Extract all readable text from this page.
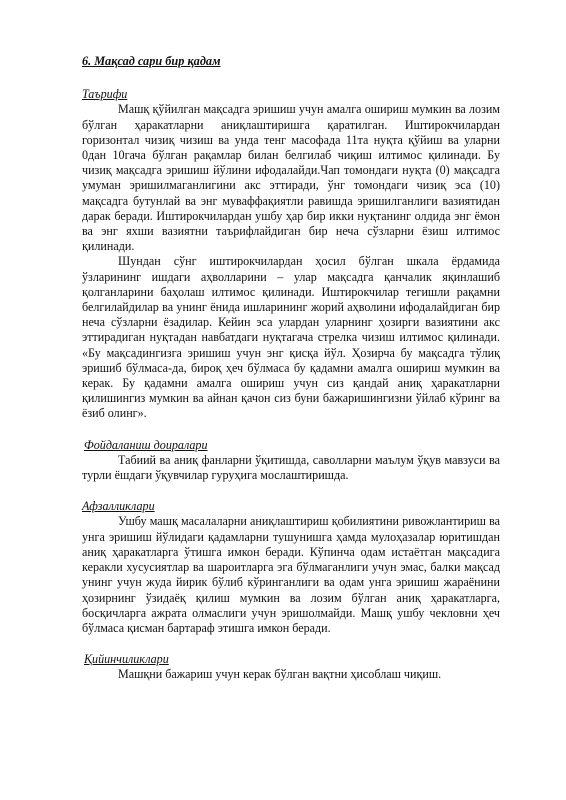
6. Мақсад сари бир қадам

Таърифи

Машқ қўйилган мақсадга эришиш учун амалга ошириш мумкин ва лозим бўлган ҳаракатларни аниқлаштиришга қаратилган. Иштирокчилардан горизонтал чизиқ чизиш ва унда тенг масофада 11та нуқта қўйиш ва уларни 0дан 10гача бўлган рақамлар билан белгилаб чиқиш илтимос қилинади. Бу чизиқ мақсадга эришиш йўлини ифодалайди.Чап томондаги нуқта (0) мақсадга умуман эришилмаганлигини акс эттиради, ўнг томондаги чизиқ эса (10) мақсадга бутунлай ва энг муваффақиятли равишда эришилганлиги вазиятидан дарак беради. Иштирокчилардан ушбу ҳар бир икки нуқтанинг олдида энг ёмон ва энг яхши вазиятни таърифлайдиган бир неча сўзларни ёзиш илтимос қилинади.

Шундан сўнг иштирокчилардан ҳосил бўлган шкала ёрдамида ўзларининг ишдаги аҳволларини – улар мақсадга қанчалик яқинлашиб қолганларини баҳолаш илтимос қилинади. Иштирокчилар тегишли рақамни белгилайдилар ва унинг ёнида ишларининг жорий аҳволини ифодалайдиган бир неча сўзларни ёзадилар. Кейин эса улардан уларнинг ҳозирги вазиятини акс эттирадиган нуқтадан навбатдаги нуқтагача стрелка чизиш илтимос қилинади. «Бу мақсадингизга эришиш учун энг қисқа йўл. Ҳозирча бу мақсадга тўлиқ эришиб бўлмаса-да, бироқ ҳеч бўлмаса бу қадамни амалга ошириш мумкин ва керак. Бу қадамни амалга ошириш учун сиз қандай аниқ ҳаракатларни қилишингиз мумкин ва айнан қачон сиз буни бажаришингизни ўйлаб кўринг ва ёзиб олинг».

Фойдаланиш доиралари

Табиий ва аниқ фанларни ўқитишда, саволларни маълум ўқув мавзуси ва турли ёшдаги ўқувчилар гуруҳига мослаштиришда.

Афзалликлари

Ушбу машқ масалаларни аниқлаштириш қобилиятини ривожлантириш ва унга эришиш йўлидаги қадамларни тушунишга ҳамда мулоҳазалар юритишдан аниқ ҳаракатларга ўтишга имкон беради. Кўпинча одам истаётган мақсадига керакли хусусиятлар ва шароитларга эга бўлмаганлиги учун эмас, балки мақсад унинг учун жуда йирик бўлиб кўринганлиги ва одам унга эришиш жараёнини ҳозирнинг ўзидаёқ қилиш мумкин ва лозим бўлган аниқ ҳаракатларга, босқичларга ажрата олмаслиги учун эришолмайди. Машқ ушбу чекловни ҳеч бўлмаса қисман бартараф этишга имкон беради.

Қийинчиликлари

Машқни бажариш учун керак бўлган вақтни ҳисоблаш чиқиш.
